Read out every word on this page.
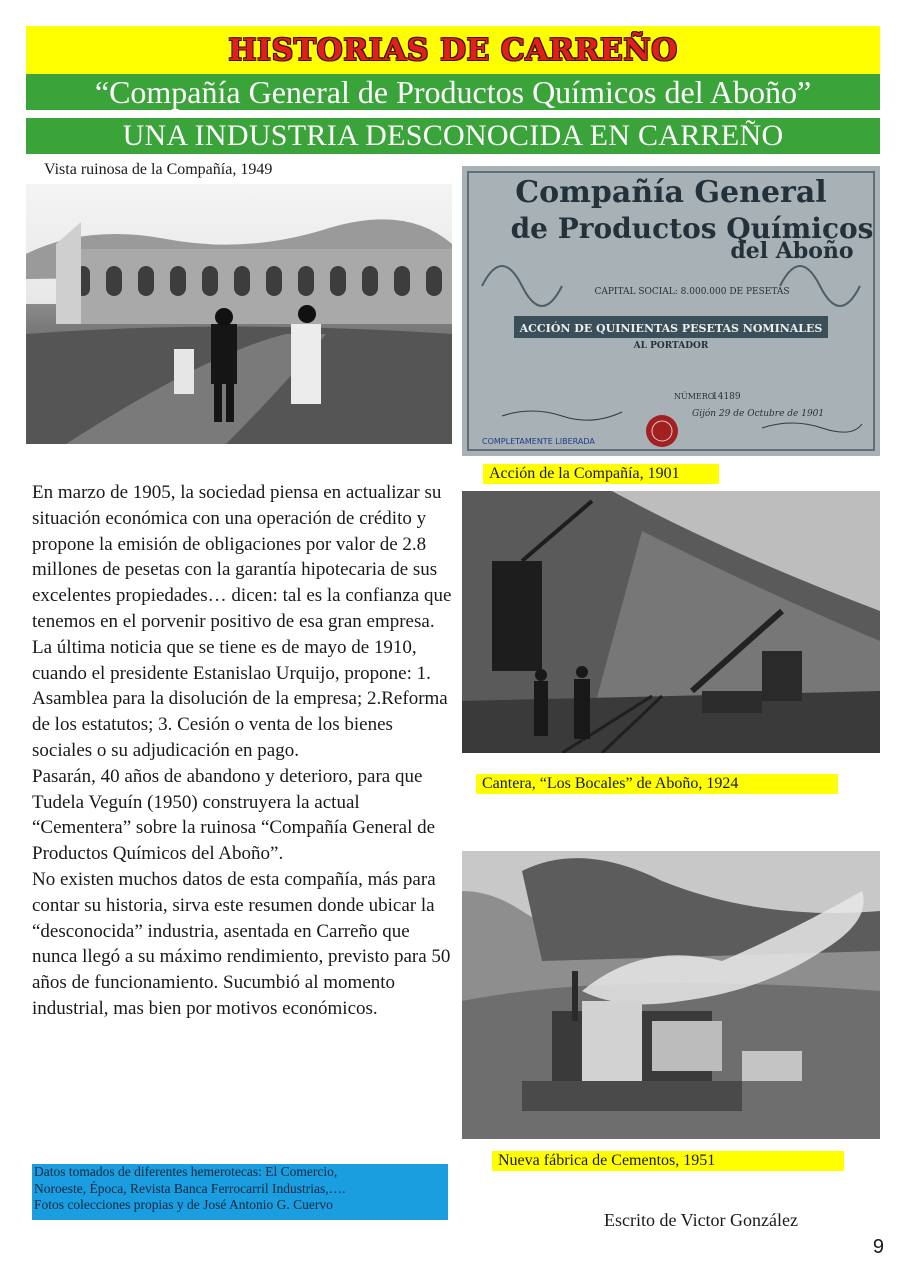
HISTORIAS DE CARREÑO
“Compañía General de Productos Químicos del Aboño”
UNA INDUSTRIA DESCONOCIDA EN CARREÑO
Vista ruinosa de la Compañía, 1949
Compañía General
de Productos Químicos
del Aboño
CAPITAL SOCIAL: 8.000.000 DE PESETAS
ACCIÓN DE QUINIENTAS PESETAS NOMINALES
AL PORTADOR
NÚMERO
14189
Gijón 29 de Octubre de 1901
COMPLETAMENTE LIBERADA
Acción de la Compañía, 1901
Cantera, “Los Bocales” de Aboño, 1924
Nueva fábrica de Cementos, 1951

En marzo de 1905, la sociedad piensa en actualizar su situación económica con una operación de crédito y propone la emisión de obligaciones por valor de 2.8 millones de pesetas con la garantía hipotecaria de sus excelentes propiedades… dicen: tal es la confianza que tenemos en el porvenir positivo de esa gran empresa.

La última noticia que se tiene es de mayo de 1910, cuando el presidente Estanislao Urquijo, propone: 1. Asamblea para la disolución de la empresa; 2.Reforma de los estatutos; 3. Cesión o venta de los bienes sociales o su adjudicación en pago.

Pasarán, 40 años de abandono y deterioro, para que Tudela Veguín (1950) construyera la actual “Cementera” sobre la ruinosa “Compañía General de Productos Químicos del Aboño”.

No existen muchos datos de esta compañía, más para contar su historia, sirva este resumen donde ubicar la “desconocida” industria, asentada en Carreño que nunca llegó a su máximo rendimiento, previsto para 50 años de funcionamiento. Sucumbió al momento industrial, mas bien por motivos económicos.

Datos tomados de diferentes hemerotecas: El Comercio,
Noroeste, Época, Revista Banca Ferrocarril Industrias,….
Fotos colecciones propias y de José Antonio G. Cuervo
Escrito de Victor González
9
